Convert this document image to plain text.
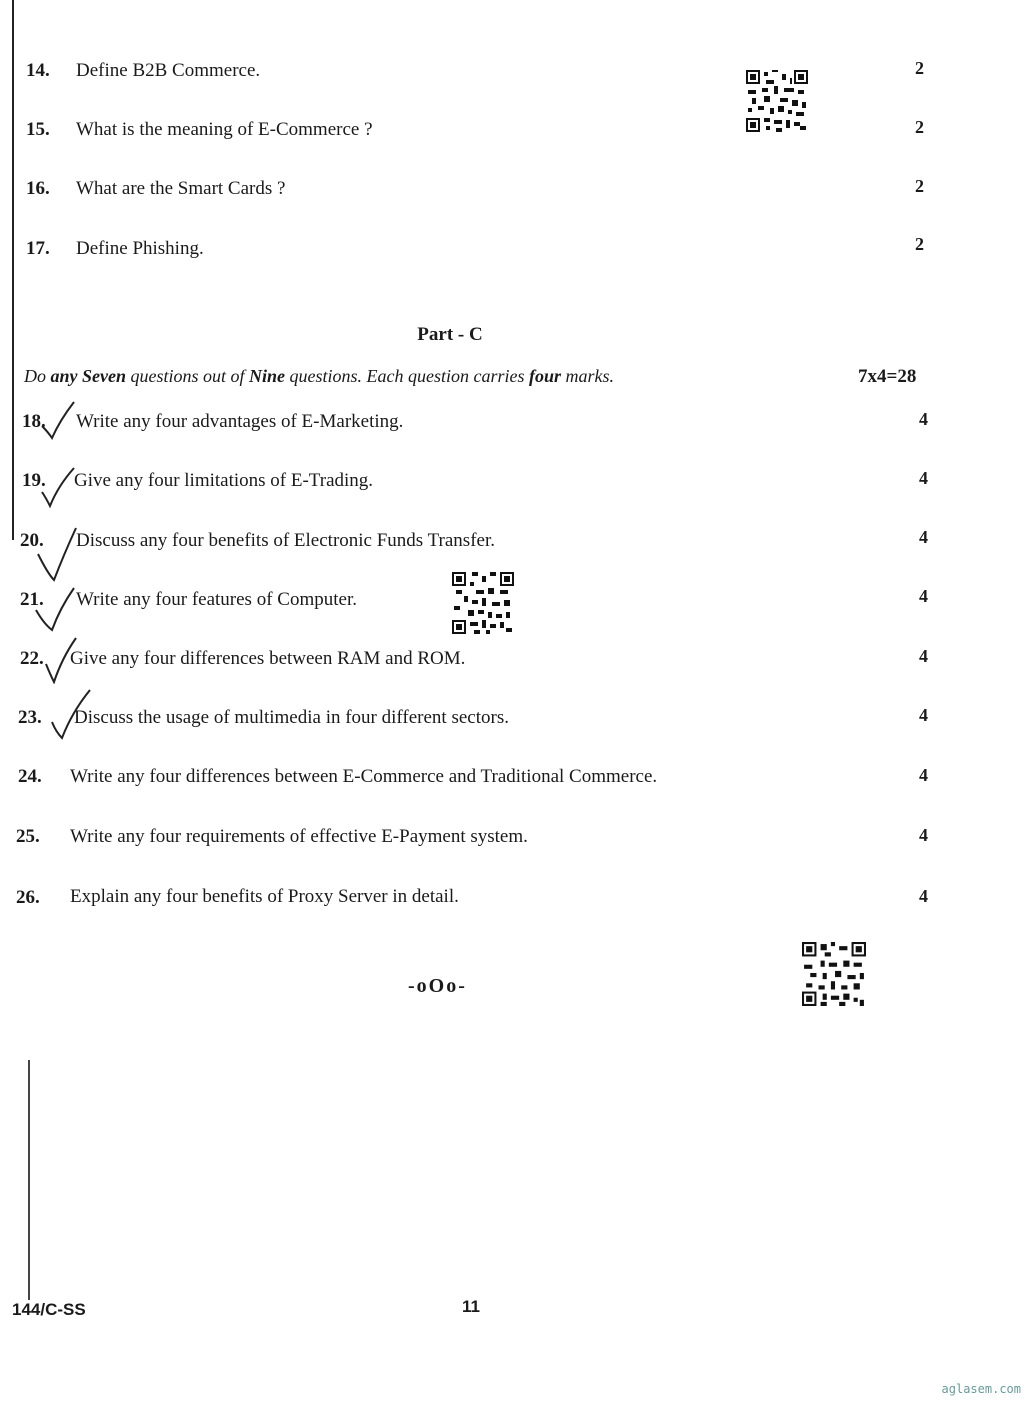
14. Define B2B Commerce.	2
15. What is the meaning of E-Commerce ?	2
16. What are the Smart Cards ?	2
17. Define Phishing.	2
Part - C
Do any Seven questions out of Nine questions. Each question carries four marks.	7x4=28
18. Write any four advantages of E-Marketing.	4
19. Give any four limitations of E-Trading.	4
20. Discuss any four benefits of Electronic Funds Transfer.	4
21. Write any four features of Computer.	4
22. Give any four differences between RAM and ROM.	4
23. Discuss the usage of multimedia in four different sectors.	4
24. Write any four differences between E-Commerce and Traditional Commerce.	4
25. Write any four requirements of effective E-Payment system.	4
26. Explain any four benefits of Proxy Server in detail.	4
-oOo-
144/C-SS	11
aglasem.com
